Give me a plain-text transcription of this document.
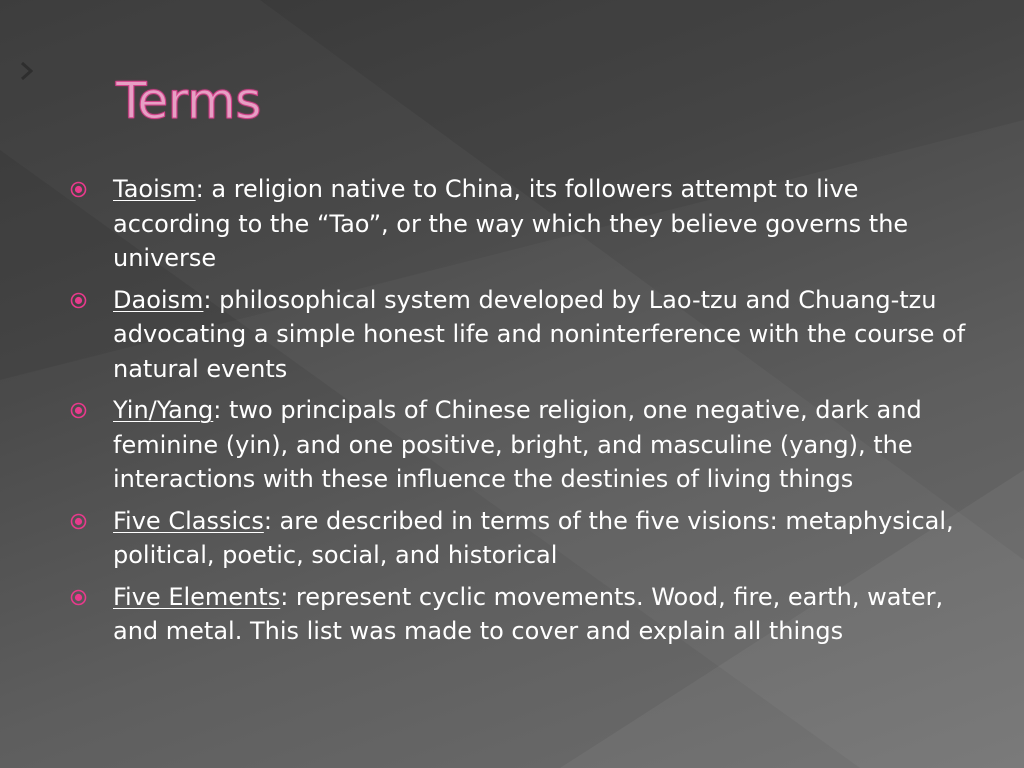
Terms
Taoism: a religion native to China, its followers attempt to live according to the “Tao”, or the way which they believe governs the universe
Daoism: philosophical system developed by Lao-tzu and Chuang-tzu advocating a simple honest life and noninterference with the course of natural events
Yin/Yang: two principals of Chinese religion, one negative, dark and feminine (yin), and one positive, bright, and masculine (yang), the interactions with these influence the destinies of living things
Five Classics: are described in terms of the five visions: metaphysical, political, poetic, social, and historical
Five Elements: represent cyclic movements. Wood, fire, earth, water, and metal. This list was made to cover and explain all things
